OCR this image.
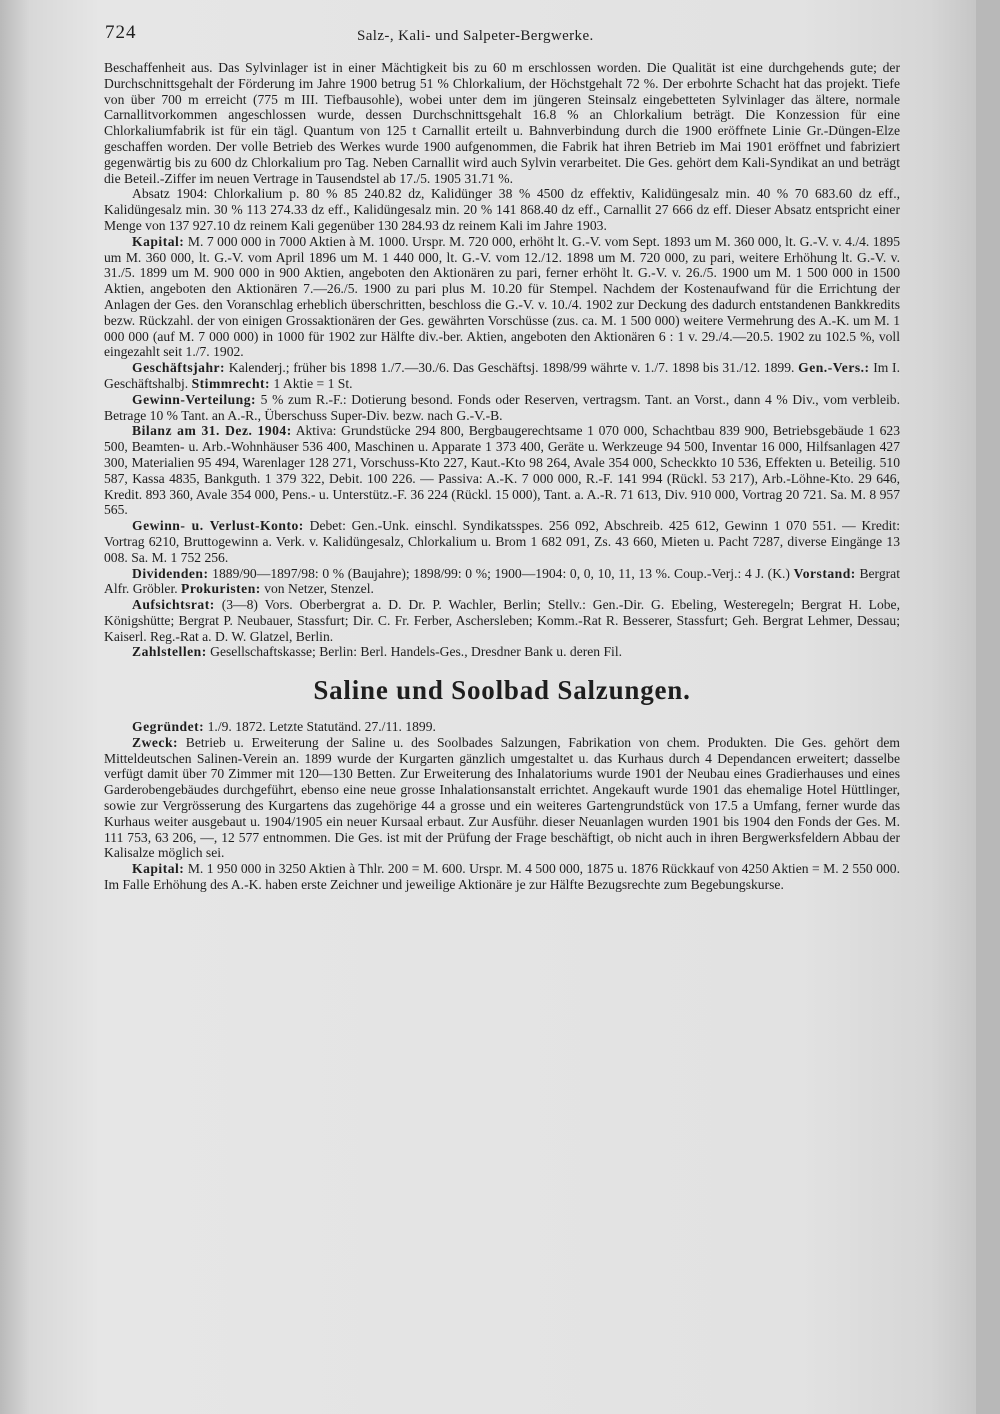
724	Salz-, Kali- und Salpeter-Bergwerke.

Beschaffenheit aus. Das Sylvinlager ist in einer Mächtigkeit bis zu 60 m erschlossen worden. Die Qualität ist eine durchgehends gute; der Durchschnittsgehalt der Förderung im Jahre 1900 betrug 51 % Chlorkalium, der Höchstgehalt 72 %. Der erbohrte Schacht hat das projekt. Tiefe von über 700 m erreicht (775 m III. Tiefbausohle), wobei unter dem im jüngeren Steinsalz eingebetteten Sylvinlager das ältere, normale Carnallitvorkommen angeschlossen wurde, dessen Durchschnittsgehalt 16.8 % an Chlorkalium beträgt. Die Konzession für eine Chlorkaliumfabrik ist für ein tägl. Quantum von 125 t Carnallit erteilt u. Bahnverbindung durch die 1900 eröffnete Linie Gr.-Düngen-Elze geschaffen worden. Der volle Betrieb des Werkes wurde 1900 aufgenommen, die Fabrik hat ihren Betrieb im Mai 1901 eröffnet und fabriziert gegenwärtig bis zu 600 dz Chlorkalium pro Tag. Neben Carnallit wird auch Sylvin verarbeitet. Die Ges. gehört dem Kali-Syndikat an und beträgt die Beteil.-Ziffer im neuen Vertrage in Tausendstel ab 17./5. 1905 31.71 %.

Absatz 1904: Chlorkalium p. 80 % 85 240.82 dz, Kalidünger 38 % 4500 dz effektiv, Kalidüngesalz min. 40 % 70 683.60 dz eff., Kalidüngesalz min. 30 % 113 274.33 dz eff., Kalidüngesalz min. 20 % 141 868.40 dz eff., Carnallit 27 666 dz eff. Dieser Absatz entspricht einer Menge von 137 927.10 dz reinem Kali gegenüber 130 284.93 dz reinem Kali im Jahre 1903.

Kapital: M. 7 000 000 in 7000 Aktien à M. 1000. Urspr. M. 720 000, erhöht lt. G.-V. vom Sept. 1893 um M. 360 000, lt. G.-V. v. 4./4. 1895 um M. 360 000, lt. G.-V. vom April 1896 um M. 1 440 000, lt. G.-V. vom 12./12. 1898 um M. 720 000, zu pari, weitere Erhöhung lt. G.-V. v. 31./5. 1899 um M. 900 000 in 900 Aktien, angeboten den Aktionären zu pari, ferner erhöht lt. G.-V. v. 26./5. 1900 um M. 1 500 000 in 1500 Aktien, angeboten den Aktionären 7.—26./5. 1900 zu pari plus M. 10.20 für Stempel. Nachdem der Kostenaufwand für die Errichtung der Anlagen der Ges. den Voranschlag erheblich überschritten, beschloss die G.-V. v. 10./4. 1902 zur Deckung des dadurch entstandenen Bankkredits bezw. Rückzahl. der von einigen Grossaktionären der Ges. gewährten Vorschüsse (zus. ca. M. 1 500 000) weitere Vermehrung des A.-K. um M. 1 000 000 (auf M. 7 000 000) in 1000 für 1902 zur Hälfte div.-ber. Aktien, angeboten den Aktionären 6 : 1 v. 29./4.—20.5. 1902 zu 102.5 %, voll eingezahlt seit 1./7. 1902.

Geschäftsjahr: Kalenderj.; früher bis 1898 1./7.—30./6. Das Geschäftsj. 1898/99 währte v. 1./7. 1898 bis 31./12. 1899. Gen.-Vers.: Im I. Geschäftshalbj. Stimmrecht: 1 Aktie = 1 St.

Gewinn-Verteilung: 5 % zum R.-F.: Dotierung besond. Fonds oder Reserven, vertragsm. Tant. an Vorst., dann 4 % Div., vom verbleib. Betrage 10 % Tant. an A.-R., Überschuss Super-Div. bezw. nach G.-V.-B.

Bilanz am 31. Dez. 1904: Aktiva: Grundstücke 294 800, Bergbaugerechtsame 1 070 000, Schachtbau 839 900, Betriebsgebäude 1 623 500, Beamten- u. Arb.-Wohnhäuser 536 400, Maschinen u. Apparate 1 373 400, Geräte u. Werkzeuge 94 500, Inventar 16 000, Hilfsanlagen 427 300, Materialien 95 494, Warenlager 128 271, Vorschuss-Kto 227, Kaut.-Kto 98 264, Avale 354 000, Scheckkto 10 536, Effekten u. Beteilig. 510 587, Kassa 4835, Bankguth. 1 379 322, Debit. 100 226. — Passiva: A.-K. 7 000 000, R.-F. 141 994 (Rückl. 53 217), Arb.-Löhne-Kto. 29 646, Kredit. 893 360, Avale 354 000, Pens.- u. Unterstütz.-F. 36 224 (Rückl. 15 000), Tant. a. A.-R. 71 613, Div. 910 000, Vortrag 20 721. Sa. M. 8 957 565.

Gewinn- u. Verlust-Konto: Debet: Gen.-Unk. einschl. Syndikatsspes. 256 092, Abschreib. 425 612, Gewinn 1 070 551. — Kredit: Vortrag 6210, Bruttogewinn a. Verk. v. Kalidüngesalz, Chlorkalium u. Brom 1 682 091, Zs. 43 660, Mieten u. Pacht 7287, diverse Eingänge 13 008. Sa. M. 1 752 256.

Dividenden: 1889/90—1897/98: 0 % (Baujahre); 1898/99: 0 %; 1900—1904: 0, 0, 10, 11, 13 %. Coup.-Verj.: 4 J. (K.) Vorstand: Bergrat Alfr. Gröbler. Prokuristen: von Netzer, Stenzel.

Aufsichtsrat: (3—8) Vors. Oberbergrat a. D. Dr. P. Wachler, Berlin; Stellv.: Gen.-Dir. G. Ebeling, Westeregeln; Bergrat H. Lobe, Königshütte; Bergrat P. Neubauer, Stassfurt; Dir. C. Fr. Ferber, Aschersleben; Komm.-Rat R. Besserer, Stassfurt; Geh. Bergrat Lehmer, Dessau; Kaiserl. Reg.-Rat a. D. W. Glatzel, Berlin.

Zahlstellen: Gesellschaftskasse; Berlin: Berl. Handels-Ges., Dresdner Bank u. deren Fil.

Saline und Soolbad Salzungen.

Gegründet: 1./9. 1872. Letzte Statutänd. 27./11. 1899.

Zweck: Betrieb u. Erweiterung der Saline u. des Soolbades Salzungen, Fabrikation von chem. Produkten. Die Ges. gehört dem Mitteldeutschen Salinen-Verein an. 1899 wurde der Kurgarten gänzlich umgestaltet u. das Kurhaus durch 4 Dependancen erweitert; dasselbe verfügt damit über 70 Zimmer mit 120—130 Betten. Zur Erweiterung des Inhalatoriums wurde 1901 der Neubau eines Gradierhauses und eines Garderobengebäudes durchgeführt, ebenso eine neue grosse Inhalationsanstalt errichtet. Angekauft wurde 1901 das ehemalige Hotel Hüttlinger, sowie zur Vergrösserung des Kurgartens das zugehörige 44 a grosse und ein weiteres Gartengrundstück von 17.5 a Umfang, ferner wurde das Kurhaus weiter ausgebaut u. 1904/1905 ein neuer Kursaal erbaut. Zur Ausführ. dieser Neuanlagen wurden 1901 bis 1904 den Fonds der Ges. M. 111 753, 63 206, —, 12 577 entnommen. Die Ges. ist mit der Prüfung der Frage beschäftigt, ob nicht auch in ihren Bergwerksfeldern Abbau der Kalisalze möglich sei.

Kapital: M. 1 950 000 in 3250 Aktien à Thlr. 200 = M. 600. Urspr. M. 4 500 000, 1875 u. 1876 Rückkauf von 4250 Aktien = M. 2 550 000. Im Falle Erhöhung des A.-K. haben erste Zeichner und jeweilige Aktionäre je zur Hälfte Bezugsrechte zum Begebungskurse.
